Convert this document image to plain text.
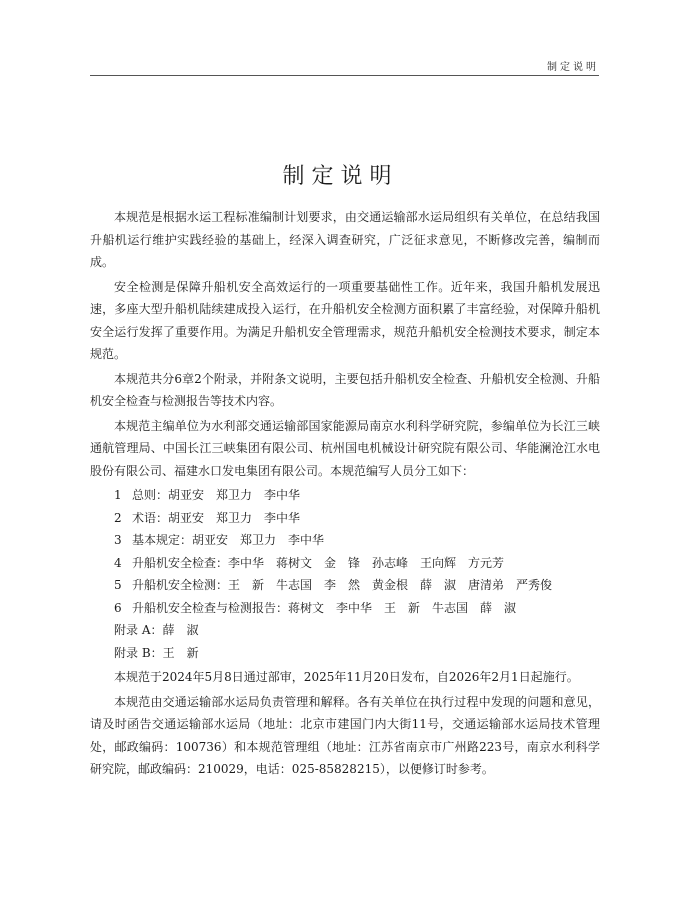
制定说明
制定说明

本规范是根据水运工程标准编制计划要求，由交通运输部水运局组织有关单位，在总结我国升船机运行维护实践经验的基础上，经深入调查研究，广泛征求意见，不断修改完善，编制而成。

安全检测是保障升船机安全高效运行的一项重要基础性工作。近年来，我国升船机发展迅速，多座大型升船机陆续建成投入运行，在升船机安全检测方面积累了丰富经验，对保障升船机安全运行发挥了重要作用。为满足升船机安全管理需求，规范升船机安全检测技术要求，制定本规范。

本规范共分6章2个附录，并附条文说明，主要包括升船机安全检查、升船机安全检测、升船机安全检查与检测报告等技术内容。

本规范主编单位为水利部交通运输部国家能源局南京水利科学研究院，参编单位为长江三峡通航管理局、中国长江三峡集团有限公司、杭州国电机械设计研究院有限公司、华能澜沧江水电股份有限公司、福建水口发电集团有限公司。本规范编写人员分工如下：

1 总则：胡亚安　郑卫力　李中华
2 术语：胡亚安　郑卫力　李中华
3 基本规定：胡亚安　郑卫力　李中华
4 升船机安全检查：李中华　蒋树文　金　锋　孙志峰　王向辉　方元芳
5 升船机安全检测：王　新　牛志国　李　然　黄金根　薛　淑　唐清弟　严秀俊
6 升船机安全检查与检测报告：蒋树文　李中华　王　新　牛志国　薛　淑
附录 A：薛　淑
附录 B：王　新

本规范于2024年5月8日通过部审，2025年11月20日发布，自2026年2月1日起施行。

本规范由交通运输部水运局负责管理和解释。各有关单位在执行过程中发现的问题和意见，请及时函告交通运输部水运局（地址：北京市建国门内大街11号，交通运输部水运局技术管理处，邮政编码：100736）和本规范管理组（地址：江苏省南京市广州路223号，南京水利科学研究院，邮政编码：210029，电话：025-85828215），以便修订时参考。
